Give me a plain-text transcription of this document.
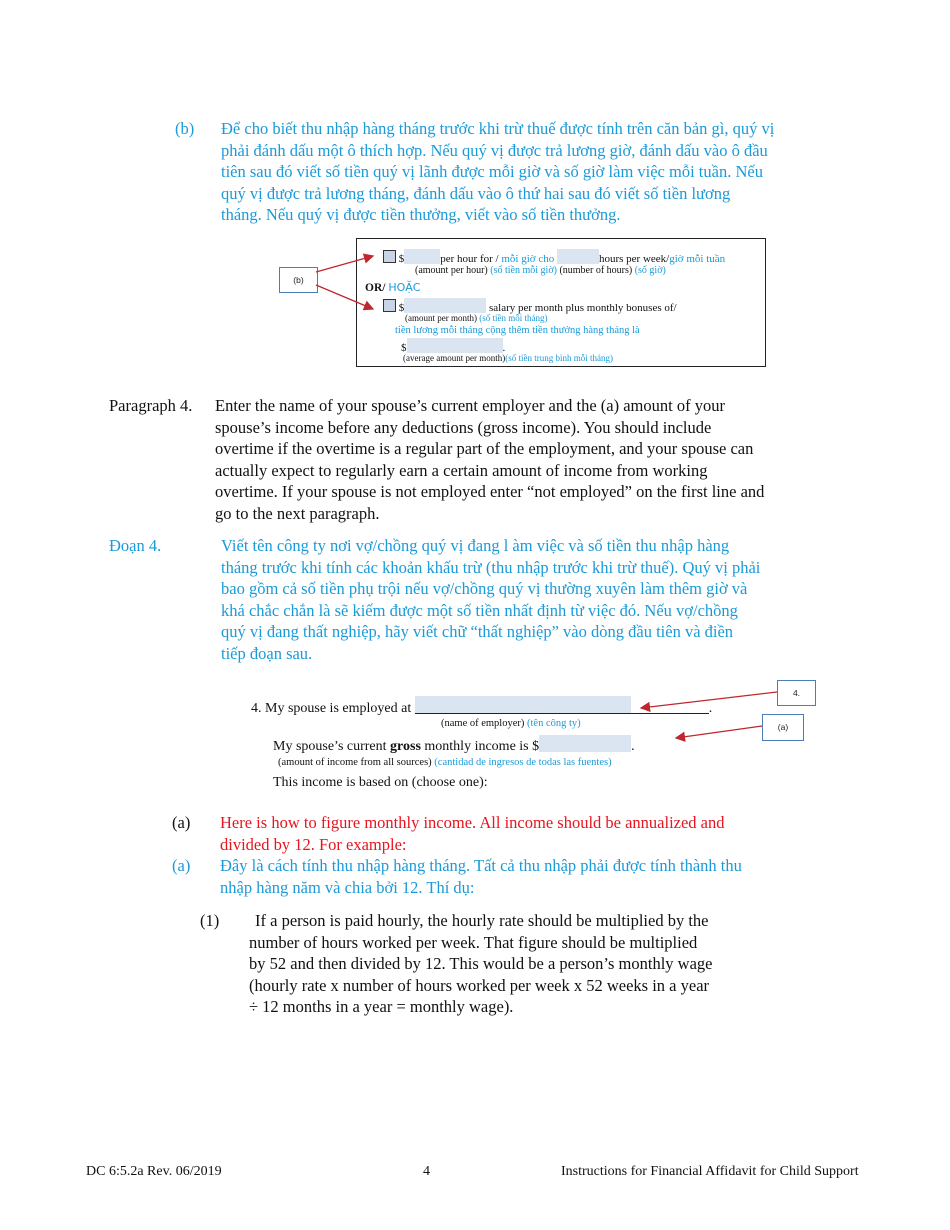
(b) Để cho biết thu nhập hàng tháng trước khi trừ thuế được tính trên căn bản gì, quý vị
phải đánh dấu một ô thích hợp. Nếu quý vị được trả lương giờ, đánh dấu vào ô đầu
tiên sau đó viết số tiền quý vị lãnh được mỗi giờ và số giờ làm việc mỗi tuần. Nếu
quý vị được trả lương tháng, đánh dấu vào ô thứ hai sau đó viết số tiền lương
tháng. Nếu quý vị được tiền thưởng, viết vào số tiền thưởng.
$	per hour for / mỗi giờ cho	hours per week/giờ mỗi tuần
(amount per hour) (số tiền mỗi giờ) (number of hours) (số giờ)
OR/ HOẶC
$	salary per month plus monthly bonuses of/
(amount per month) (số tiền mỗi tháng)
tiền lương mỗi tháng cộng thêm tiền thưởng hàng tháng là
$	.
(average amount per month)(số tiền trung bình mỗi tháng)
(b)
Paragraph 4. Enter the name of your spouse’s current employer and the (a) amount of your
spouse’s income before any deductions (gross income). You should include
overtime if the overtime is a regular part of the employment, and your spouse can
actually expect to regularly earn a certain amount of income from working
overtime. If your spouse is not employed enter “not employed” on the first line and
go to the next paragraph.
Đoạn 4.	Viết tên công ty nơi vợ/chồng quý vị đang l àm việc và số tiền thu nhập hàng
tháng trước khi tính các khoản khấu trừ (thu nhập trước khi trừ thuế). Quý vị phải
bao gồm cả số tiền phụ trội nếu vợ/chồng quý vị thường xuyên làm thêm giờ và
khá chắc chắn là sẽ kiếm được một số tiền nhất định từ việc đó. Nếu vợ/chồng
quý vị đang thất nghiệp, hãy viết chữ “thất nghiệp” vào dòng đầu tiên và điền
tiếp đoạn sau.
4. My spouse is employed at	.
(name of employer) (tên công ty)
My spouse’s current gross monthly income is $	.
(amount of income from all sources) (cantidad de ingresos de todas las fuentes)
This income is based on (choose one):
4.
(a)
(a) Here is how to figure monthly income. All income should be annualized and
divided by 12. For example:
(a) Đây là cách tính thu nhập hàng tháng. Tất cả thu nhập phải được tính thành thu
nhập hàng năm và chia bởi 12. Thí dụ:
(1)	If a person is paid hourly, the hourly rate should be multiplied by the
number of hours worked per week. That figure should be multiplied
by 52 and then divided by 12. This would be a person’s monthly wage
(hourly rate x number of hours worked per week x 52 weeks in a year
÷ 12 months in a year = monthly wage).
DC 6:5.2a Rev. 06/2019	4	Instructions for Financial Affidavit for Child Support
